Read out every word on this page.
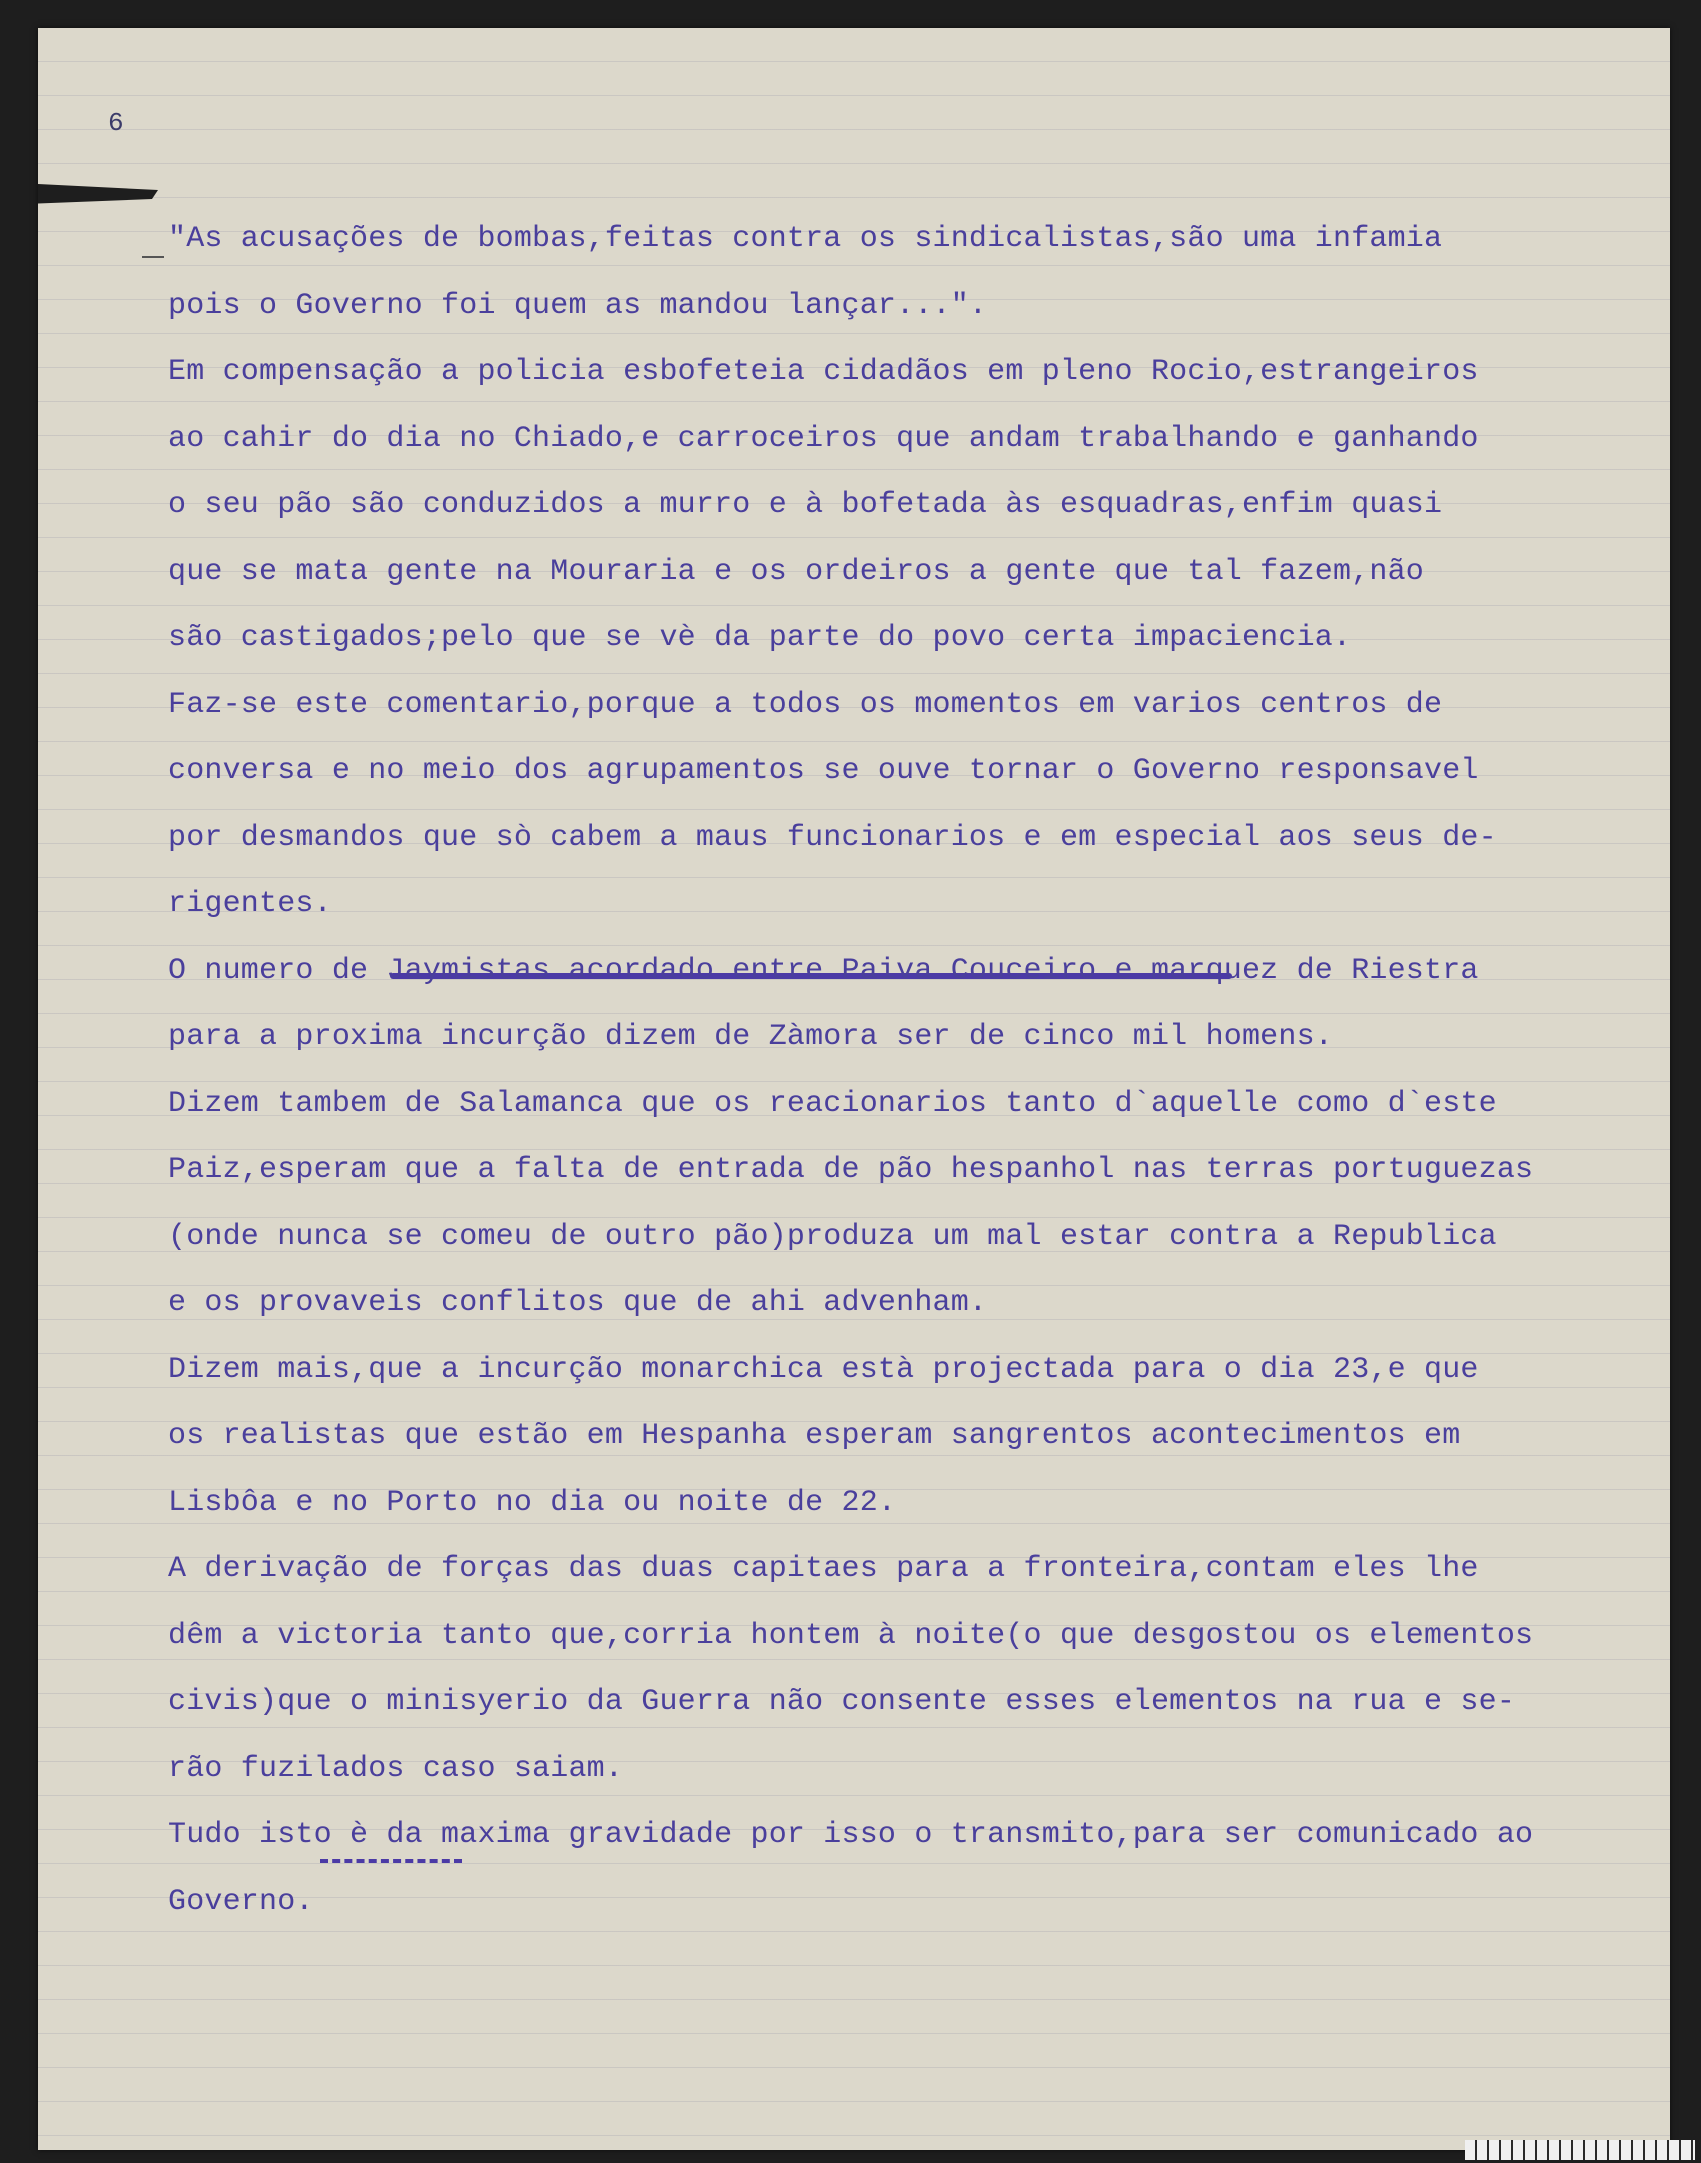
6
"As acusações de bombas,feitas contra os sindicalistas,são uma infamia
pois o Governo foi quem as mandou lançar...".
Em compensação a policia esbofeteia cidadãos em pleno Rocio,estrangeiros
ao cahir do dia no Chiado,e carroceiros que andam trabalhando e ganhando
o seu pão são conduzidos a murro e à bofetada às esquadras,enfim quasi
que se mata gente na Mouraria e os ordeiros a gente que tal fazem,não
são castigados;pelo que se vè da parte do povo certa impaciencia.
Faz-se este comentario,porque a todos os momentos em varios centros de
conversa e no meio dos agrupamentos se ouve tornar o Governo responsavel
por desmandos que sò cabem a maus funcionarios e em especial aos seus de-
rigentes.
O numero de Jaymistas acordado entre Paiva Couceiro e marquez de Riestra
para a proxima incurção dizem de Zàmora ser de cinco mil homens.
Dizem tambem de Salamanca que os reacionarios tanto d`aquelle como d`este
Paiz,esperam que a falta de entrada de pão hespanhol nas terras portuguezas
(onde nunca se comeu de outro pão)produza um mal estar contra a Republica
e os provaveis conflitos que de ahi advenham.
Dizem mais,que a incurção monarchica està projectada para o dia 23,e que
os realistas que estão em Hespanha esperam sangrentos acontecimentos em
Lisbôa e no Porto no dia ou noite de 22.
A derivação de forças das duas capitaes para a fronteira,contam eles lhe
dêm a victoria tanto que,corria hontem à noite(o que desgostou os elementos
civis)que o minisyerio da Guerra não consente esses elementos na rua e se-
rão fuzilados caso saiam.
Tudo isto è da maxima gravidade por isso o transmito,para ser comunicado ao
Governo.
